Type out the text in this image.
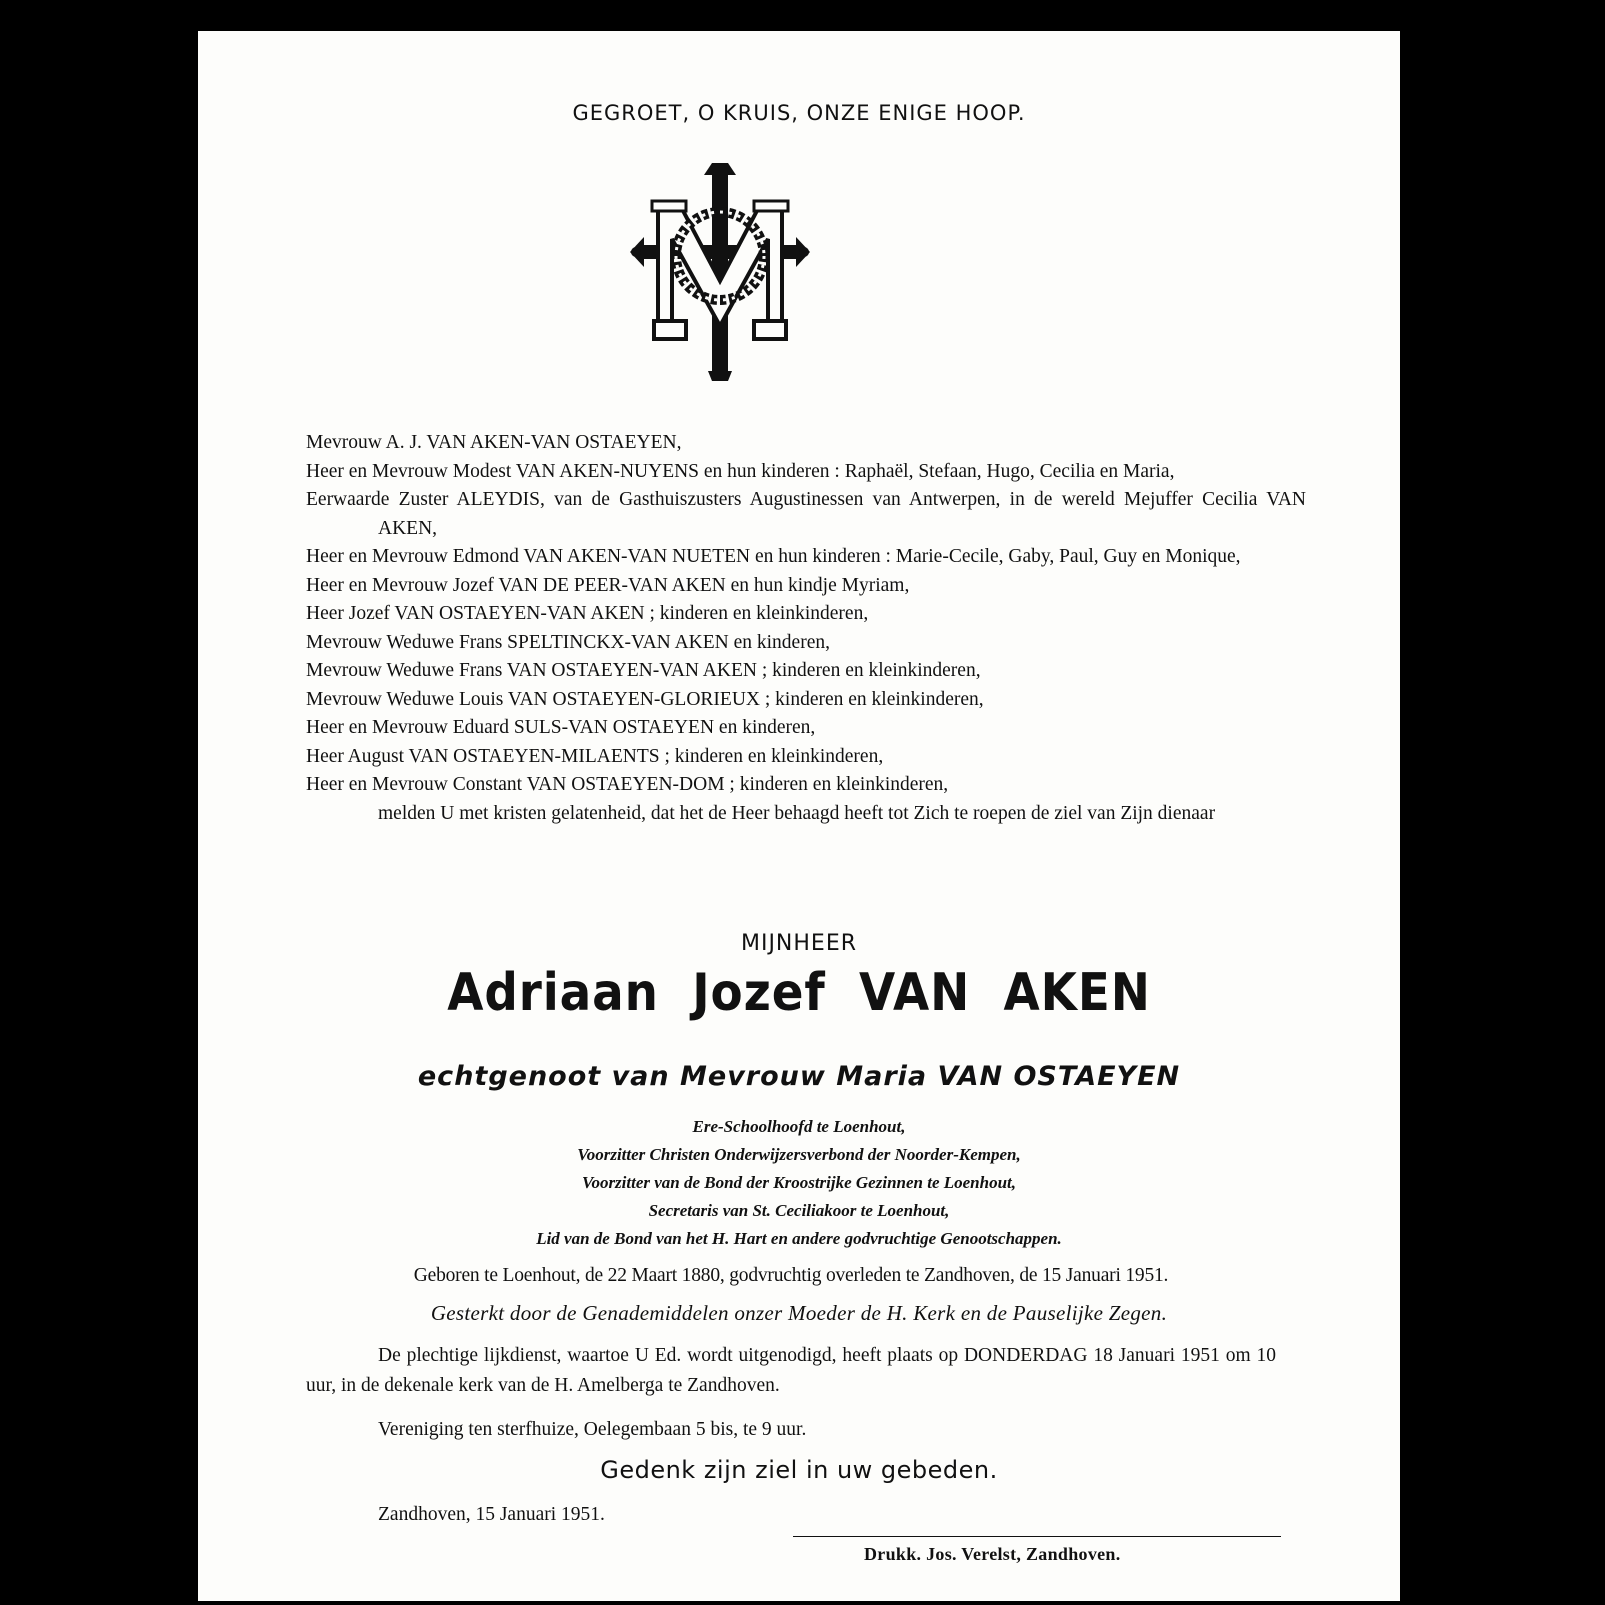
GEGROET, O KRUIS, ONZE ENIGE HOOP.

Mevrouw A. J. VAN AKEN-VAN OSTAEYEN,

Heer en Mevrouw Modest VAN AKEN-NUYENS en hun kinderen : Raphaël, Stefaan, Hugo, Cecilia en Maria,

Eerwaarde Zuster ALEYDIS, van de Gasthuiszusters Augustinessen van Antwerpen, in de wereld Mejuffer Cecilia VAN AKEN,

Heer en Mevrouw Edmond VAN AKEN-VAN NUETEN en hun kinderen : Marie-Cecile, Gaby, Paul, Guy en Monique,

Heer en Mevrouw Jozef VAN DE PEER-VAN AKEN en hun kindje Myriam,

Heer Jozef VAN OSTAEYEN-VAN AKEN ; kinderen en kleinkinderen,

Mevrouw Weduwe Frans SPELTINCKX-VAN AKEN en kinderen,

Mevrouw Weduwe Frans VAN OSTAEYEN-VAN AKEN ; kinderen en kleinkinderen,

Mevrouw Weduwe Louis VAN OSTAEYEN-GLORIEUX ; kinderen en kleinkinderen,

Heer en Mevrouw Eduard SULS-VAN OSTAEYEN en kinderen,

Heer August VAN OSTAEYEN-MILAENTS ; kinderen en kleinkinderen,

Heer en Mevrouw Constant VAN OSTAEYEN-DOM ; kinderen en kleinkinderen,

melden U met kristen gelatenheid, dat het de Heer behaagd heeft tot Zich te roepen de ziel van Zijn dienaar

MIJNHEER
Adriaan Jozef VAN AKEN
echtgenoot van Mevrouw Maria VAN OSTAEYEN
Ere-Schoolhoofd te Loenhout,
Voorzitter Christen Onderwijzersverbond der Noorder-Kempen,
Voorzitter van de Bond der Kroostrijke Gezinnen te Loenhout,
Secretaris van St. Ceciliakoor te Loenhout,
Lid van de Bond van het H. Hart en andere godvruchtige Genootschappen.
Geboren te Loenhout, de 22 Maart 1880, godvruchtig overleden te Zandhoven, de 15 Januari 1951.
Gesterkt door de Genademiddelen onzer Moeder de H. Kerk en de Pauselijke Zegen.
De plechtige lijkdienst, waartoe U Ed. wordt uitgenodigd, heeft plaats op DONDERDAG 18 Januari 1951 om 10 uur, in de dekenale kerk van de H. Amelberga te Zandhoven.
Vereniging ten sterfhuize, Oelegembaan 5 bis, te 9 uur.
Gedenk zijn ziel in uw gebeden.
Zandhoven, 15 Januari 1951.
Drukk. Jos. Verelst, Zandhoven.
